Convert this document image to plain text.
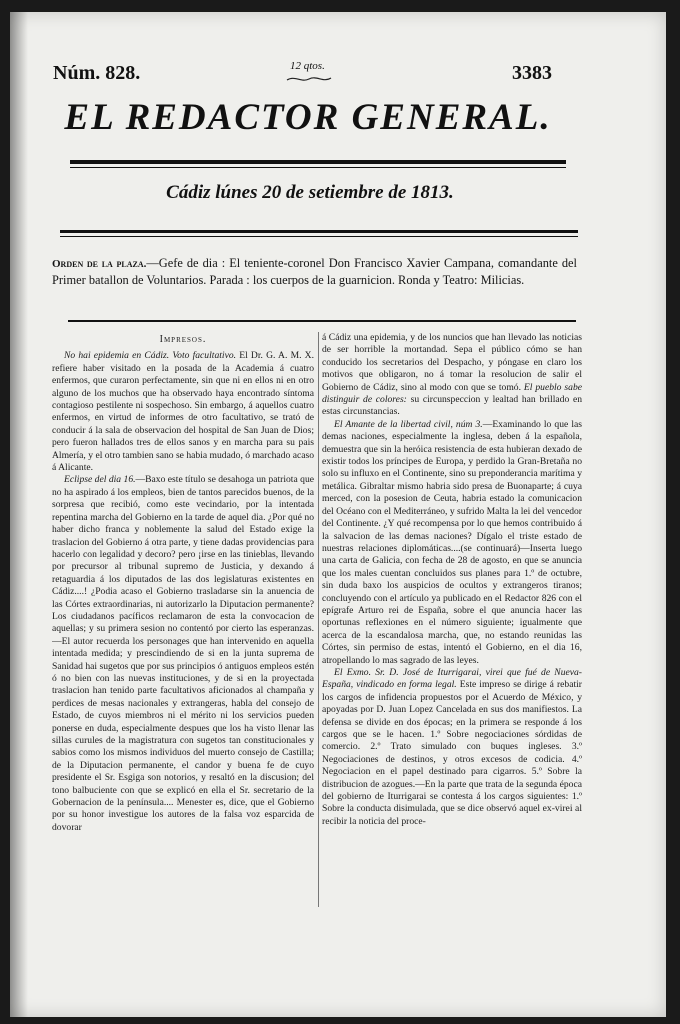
Núm. 828.	12 qtos.	3383
EL REDACTOR GENERAL.
Cádiz lúnes 20 de setiembre de 1813.
Orden de la plaza.—Gefe de dia : El teniente-coronel Don Francisco Xavier Campana, comandante del Primer batallon de Voluntarios. Parada : los cuerpos de la guarnicion. Ronda y Teatro: Milicias.
Impresos.

No hai epidemia en Cádiz. Voto facultativo. El Dr. G. A. M. X. refiere haber visitado en la posada de la Academia á cuatro enfermos, que curaron perfectamente, sin que ni en ellos ni en otro alguno de los muchos que ha observado haya encontrado síntoma contagioso pestilente ni sospechoso. Sin embargo, á aquellos cuatro enfermos, en virtud de informes de otro facultativo, se trató de conducir á la sala de observacion del hospital de San Juan de Dios; pero fueron hallados tres de ellos sanos y en marcha para su pais Almería, y el otro tambien sano se habia mudado, ó marchado acaso á Alicante.

Eclipse del dia 16.—Baxo este título se desahoga un patriota que no ha aspirado á los empleos, bien de tantos parecidos buenos, de la sorpresa que recibió, como este vecindario, por la intentada repentina marcha del Gobierno en la tarde de aquel dia. ¿Por qué no haber dicho franca y noblemente la salud del Estado exige la traslacion del Gobierno á otra parte, y tiene dadas providencias para hacerlo con legalidad y decoro? pero ¡irse en las tinieblas, llevando por precursor al tribunal supremo de Justicia, y dexando á retaguardia á los diputados de las dos legislaturas existentes en Cádiz....! ¿Podia acaso el Gobierno trasladarse sin la anuencia de las Córtes extraordinarias, ni autorizarlo la Diputacion permanente? Los ciudadanos pacíficos reclamaron de esta la convocacion de aquellas; y su primera sesion no contentó por cierto las esperanzas.—El autor recuerda los personages que han intervenido en aquella intentada medida; y prescindiendo de si en la junta suprema de Sanidad hai sugetos que por sus principios ó antiguos empleos estén ó no bien con las nuevas instituciones, y de si en la proyectada traslacion han tenido parte facultativos aficionados al champaña y perdices de mesas nacionales y extrangeras, habla del consejo de Estado, de cuyos miembros ni el mérito ni los servicios pueden ponerse en duda, especialmente despues que los ha visto llenar las sillas curules de la magistratura con sugetos tan constitucionales y sabios como los mismos individuos del muerto consejo de Castilla; de la Diputacion permanente, el candor y buena fe de cuyo presidente el Sr. Esgiga son notorios, y resaltó en la discusion; del tono balbuciente con que se explicó en ella el Sr. secretario de la Gobernacion de la península.... Menester es, dice, que el Gobierno por su honor investigue los autores de la falsa voz esparcida de dovorar

á Cádiz una epidemia, y de los nuncios que han llevado las noticias de ser horrible la mortandad. Sepa el público cómo se han conducido los secretarios del Despacho, y póngase en claro los motivos que obligaron, no á tomar la resolucion de salir el Gobierno de Cádiz, sino al modo con que se tomó. El pueblo sabe distinguir de colores: su circunspeccion y lealtad han brillado en estas circunstancias.

El Amante de la libertad civil, núm 3.—Examinando lo que las demas naciones, especialmente la inglesa, deben á la española, demuestra que sin la heróica resistencia de esta hubieran dexado de existir todos los príncipes de Europa, y perdido la Gran-Bretaña no solo su influxo en el Continente, sino su preponderancia marítima y metálica. Gibraltar mismo habria sido presa de Buonaparte; á cuya merced, con la posesion de Ceuta, habria estado la comunicacion del Océano con el Mediterráneo, y sufrido Malta la lei del vencedor del Continente. ¿Y qué recompensa por lo que hemos contribuido á la salvacion de las demas naciones? Dígalo el triste estado de nuestras relaciones diplomáticas....(se continuará)—Inserta luego una carta de Galicia, con fecha de 28 de agosto, en que se anuncia que los males cuentan concluidos sus planes para 1.º de octubre, sin duda baxo los auspicios de ocultos y extrangeros tiranos; concluyendo con el artículo ya publicado en el Redactor 826 con el epígrafe Arturo rei de España, sobre el que anuncia hacer las oportunas reflexiones en el número siguiente; igualmente que acerca de la escandalosa marcha, que, no estando reunidas las Córtes, sin permiso de estas, intentó el Gobierno, en el dia 16, atropellando lo mas sagrado de las leyes.

El Exmo. Sr. D. José de Iturrigarai, virei que fué de Nueva-España, vindicado en forma legal. Este impreso se dirige á rebatir los cargos de infidencia propuestos por el Acuerdo de México, y apoyadas por D. Juan Lopez Cancelada en sus dos manifiestos. La defensa se divide en dos épocas; en la primera se responde á los cargos que se le hacen. 1.º Sobre negociaciones sórdidas de comercio. 2.º Trato simulado con buques ingleses. 3.º Negociaciones de destinos, y otros excesos de codicia. 4.º Negociacion en el papel destinado para cigarros. 5.º Sobre la distribucion de azogues.—En la parte que trata de la segunda época del gobierno de Iturrigarai se contesta á los cargos siguientes: 1.º Sobre la conducta disimulada, que se dice observó aquel ex-virei al recibir la noticia del proce-
